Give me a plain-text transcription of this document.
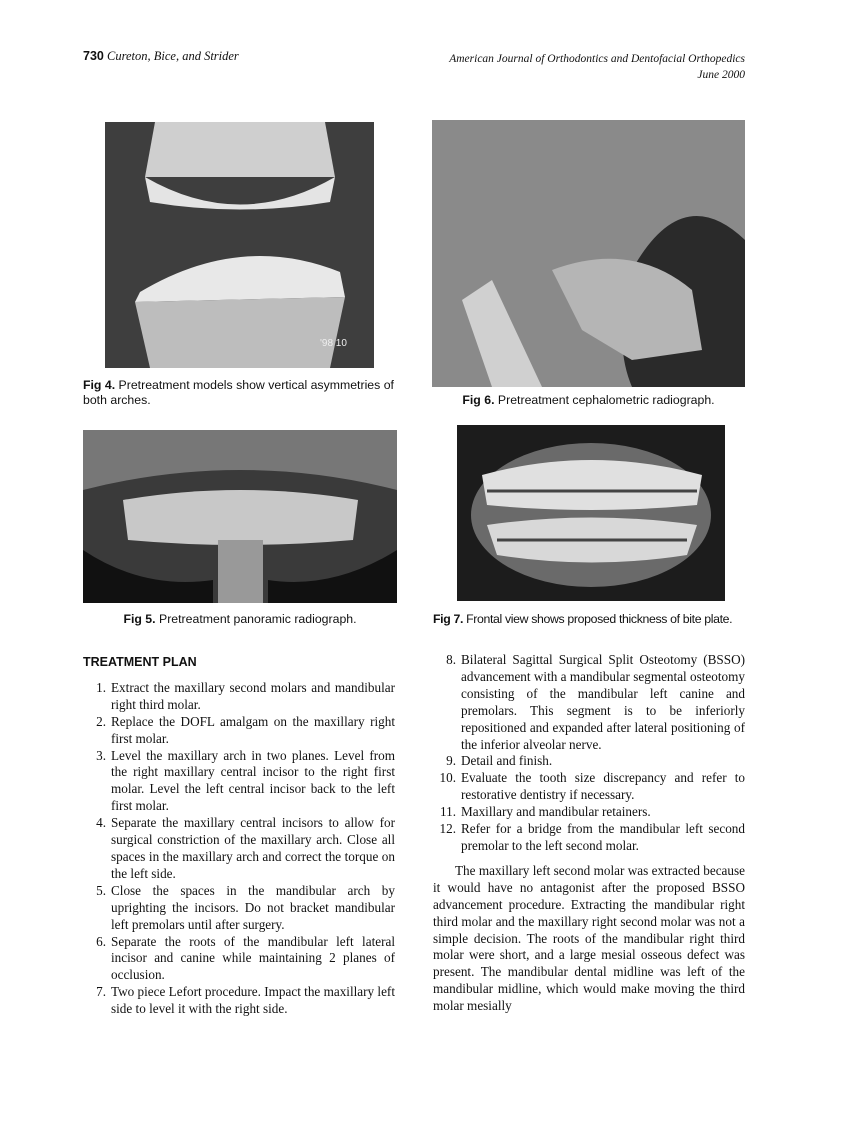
730 Cureton, Bice, and Strider	American Journal of Orthodontics and Dentofacial Orthopedics
June 2000
'98 10
Fig 4. Pretreatment models show vertical asymmetries of both arches.	Fig 6. Pretreatment cephalometric radiograph.
Fig 5. Pretreatment panoramic radiograph.	Fig 7. Frontal view shows proposed thickness of bite plate.
TREATMENT PLAN
1. Extract the maxillary second molars and mandibular right third molar.
2. Replace the DOFL amalgam on the maxillary right first molar.
3. Level the maxillary arch in two planes. Level from the right maxillary central incisor to the right first molar. Level the left central incisor back to the left first molar.
4. Separate the maxillary central incisors to allow for surgical constriction of the maxillary arch. Close all spaces in the maxillary arch and correct the torque on the left side.
5. Close the spaces in the mandibular arch by uprighting the incisors. Do not bracket mandibular left premolars until after surgery.
6. Separate the roots of the mandibular left lateral incisor and canine while maintaining 2 planes of occlusion.
7. Two piece Lefort procedure. Impact the maxillary left side to level it with the right side.
8. Bilateral Sagittal Surgical Split Osteotomy (BSSO) advancement with a mandibular segmental osteotomy consisting of the mandibular left canine and premolars. This segment is to be inferiorly repositioned and expanded after lateral positioning of the inferior alveolar nerve.
9. Detail and finish.
10. Evaluate the tooth size discrepancy and refer to restorative dentistry if necessary.
11. Maxillary and mandibular retainers.
12. Refer for a bridge from the mandibular left second premolar to the left second molar.

The maxillary left second molar was extracted because it would have no antagonist after the proposed BSSO advancement procedure. Extracting the mandibular right third molar and the maxillary right second molar was not a simple decision. The roots of the mandibular right third molar were short, and a large mesial osseous defect was present. The mandibular dental midline was left of the mandibular midline, which would make moving the third molar mesially
